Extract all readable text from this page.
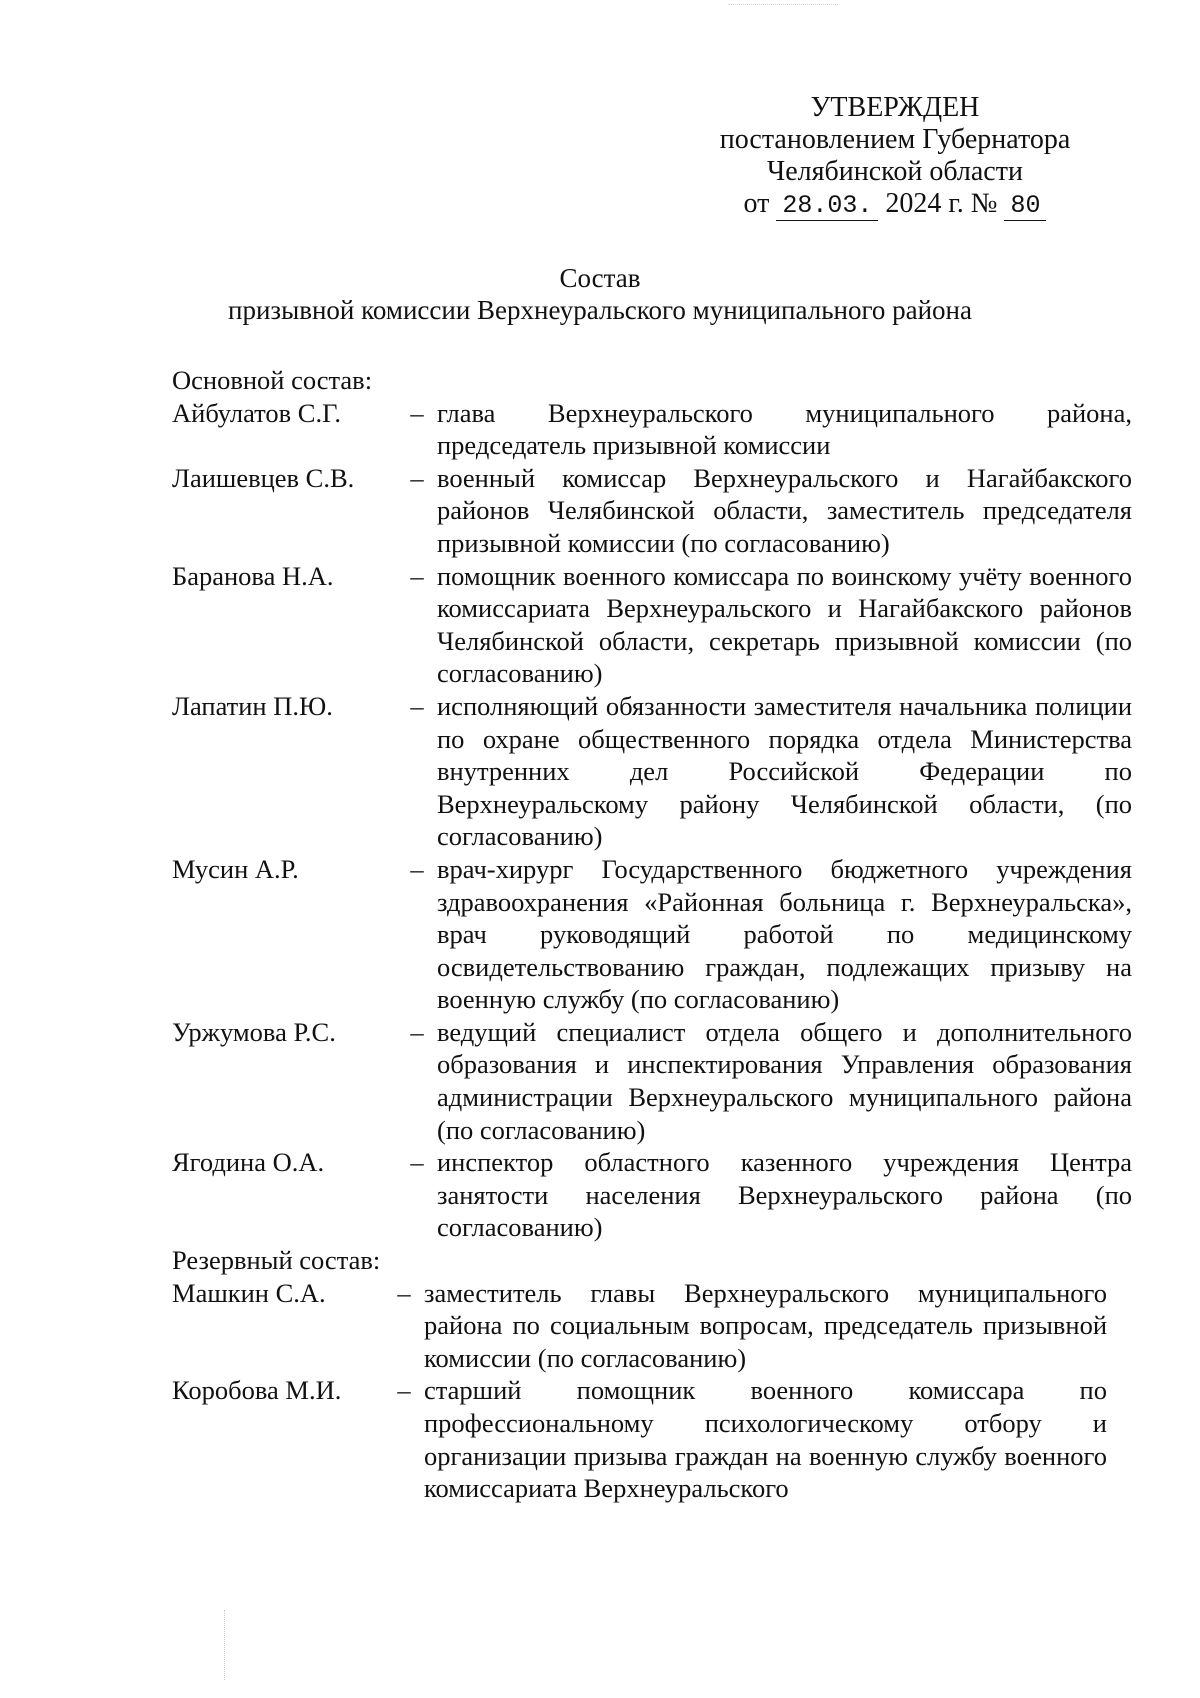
УТВЕРЖДЕН
постановлением Губернатора
Челябинской области
от 28.03. 2024 г. № 80
Состав
призывной комиссии Верхнеуральского муниципального района
Основной состав:
Айбулатов С.Г.	– глава Верхнеуральского муниципального района, председатель призывной комиссии
Лаишевцев С.В.	– военный комиссар Верхнеуральского и Нагайбакского районов Челябинской области, заместитель председателя призывной комиссии (по согласованию)
Баранова Н.А.	– помощник военного комиссара по воинскому учёту военного комиссариата Верхнеуральского и Нагайбакского районов Челябинской области, секретарь призывной комиссии (по согласованию)
Лапатин П.Ю.	– исполняющий обязанности заместителя начальника полиции по охране общественного порядка отдела Министерства внутренних дел Российской Федерации по Верхнеуральскому району Челябинской области, (по согласованию)
Мусин А.Р.	– врач-хирург Государственного бюджетного учреждения здравоохранения «Районная больница г. Верхнеуральска», врач руководящий работой по медицинскому освидетельствованию граждан, подлежащих призыву на военную службу (по согласованию)
Уржумова Р.С.	– ведущий специалист отдела общего и дополнительного образования и инспектирования Управления образования администрации Верхнеуральского муниципального района (по согласованию)
Ягодина О.А.	– инспектор областного казенного учреждения Центра занятости населения Верхнеуральского района (по согласованию)
Резервный состав:
Машкин С.А.	– заместитель главы Верхнеуральского муниципального района по социальным вопросам, председатель призывной комиссии (по согласованию)
Коробова М.И.	– старший помощник военного комиссара по профессиональному психологическому отбору и организации призыва граждан на военную службу военного комиссариата Верхнеуральского
